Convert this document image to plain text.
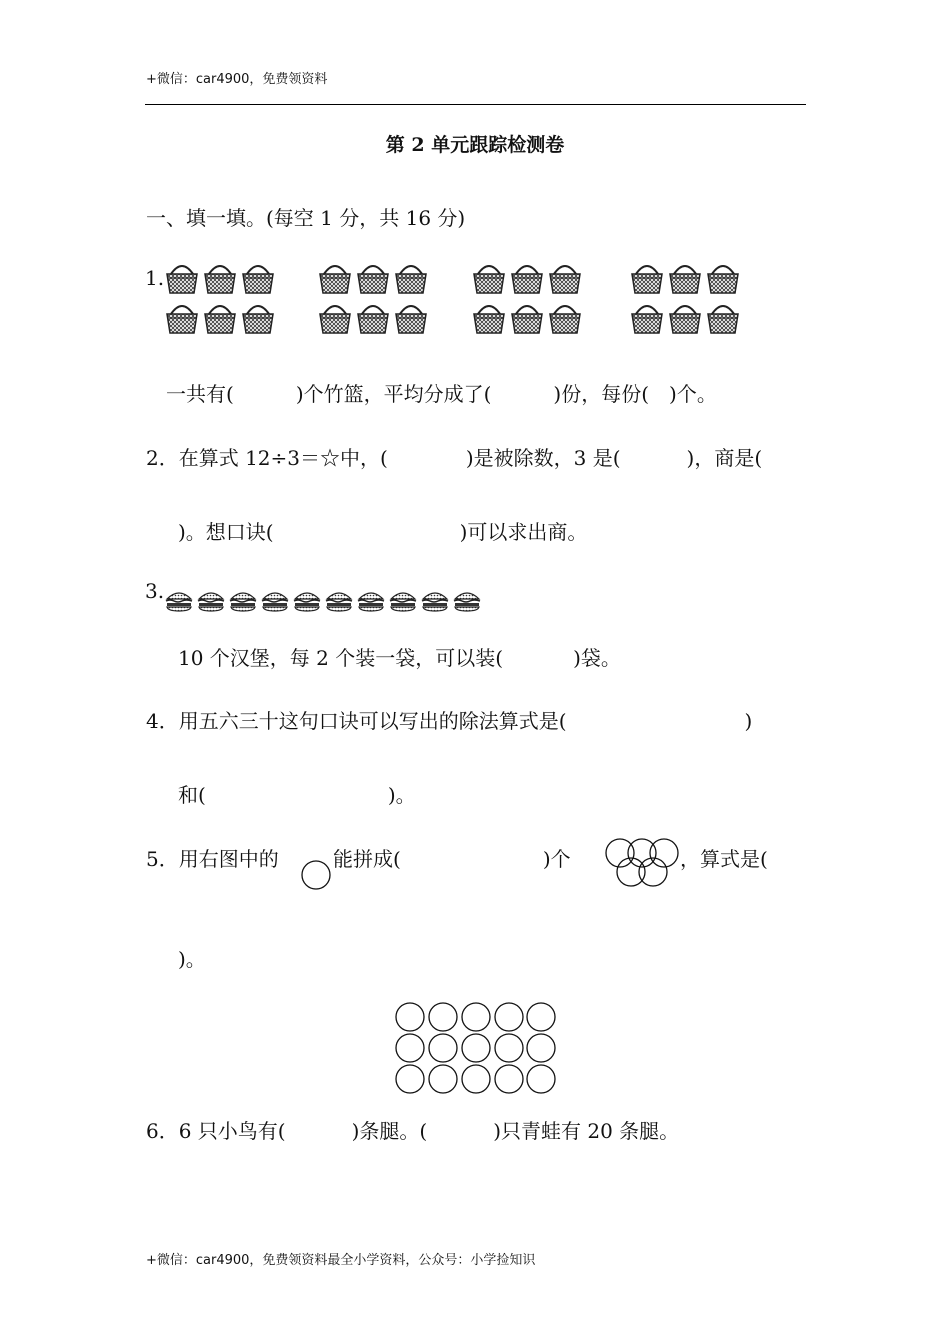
+微信：car4900，免费领资料
第 2 单元跟踪检测卷
一、填一填。(每空 1 分，共 16 分)
1.
一共有(	)个竹篮，平均分成了(	)份，每份( )个。
2．在算式 12÷3＝☆中，(	)是被除数，3 是(	)，商是(
)。想口诀(	)可以求出商。
3.
10 个汉堡，每 2 个装一袋，可以装(	)袋。
4．用五六三十这句口诀可以写出的除法算式是(	)
和(	)。
5．用右图中的	能拼成(	)个	，算式是(
)。
6．6 只小鸟有(	)条腿。(	)只青蛙有 20 条腿。
+微信：car4900，免费领资料最全小学资料，公众号：小学捡知识
